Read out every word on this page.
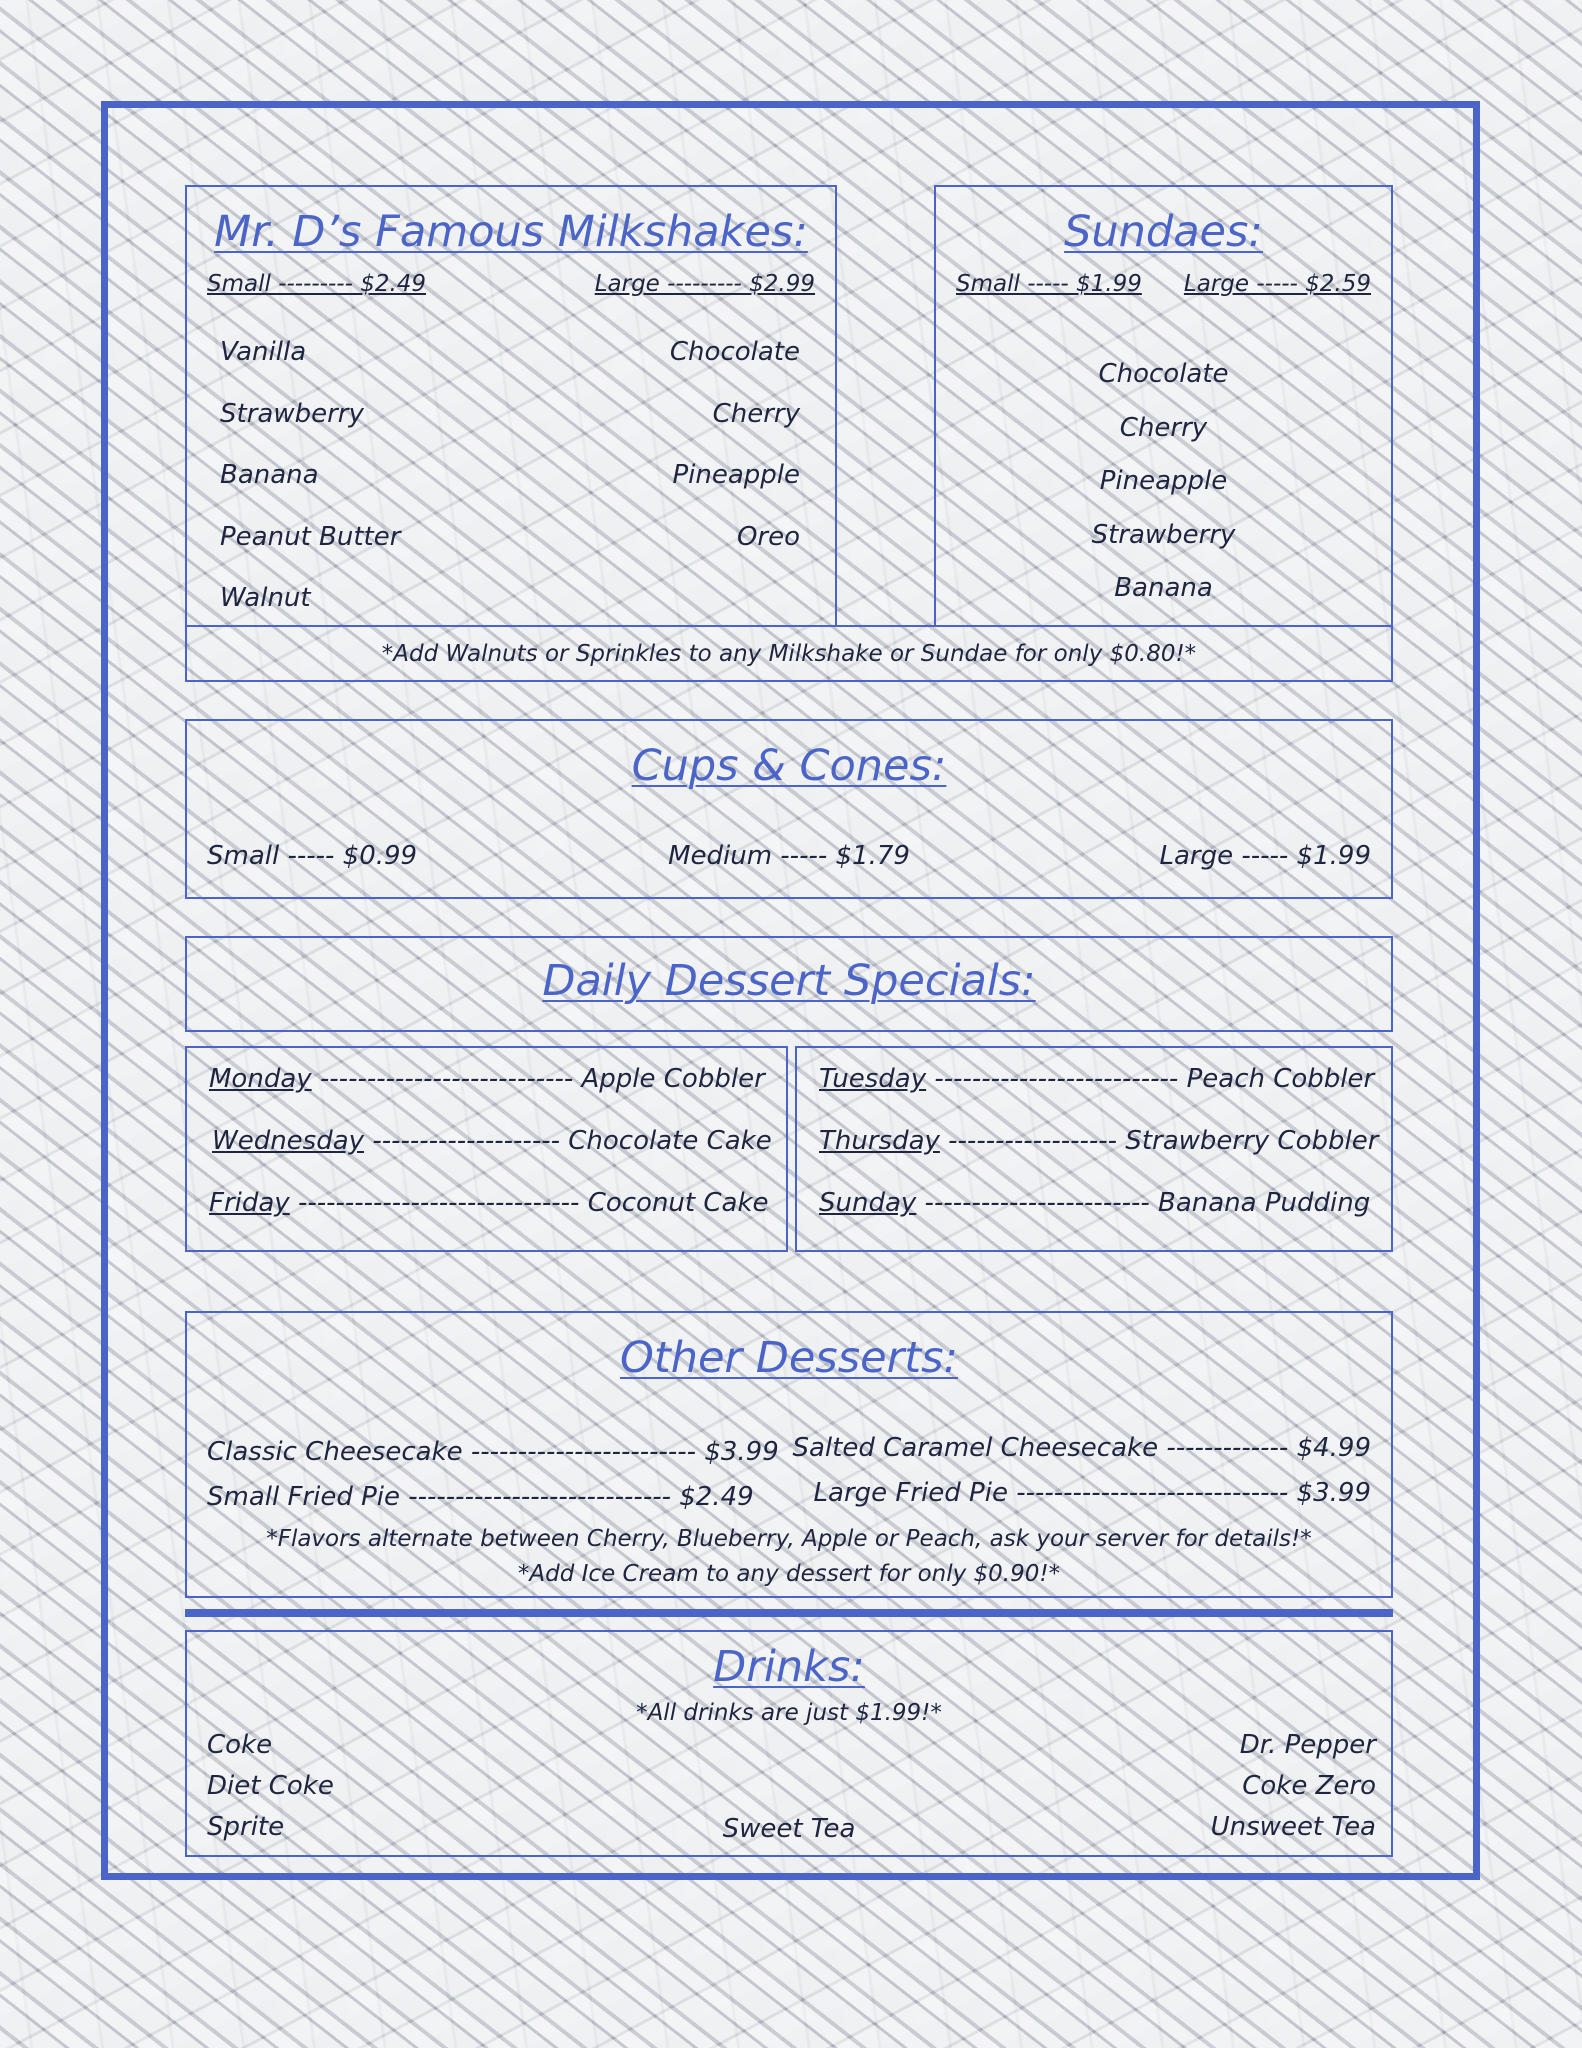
Mr. D’s Famous Milkshakes:
Small --------- $2.49	Large --------- $2.99
Vanilla
Strawberry
Banana
Peanut Butter
Walnut
Chocolate
Cherry
Pineapple
Oreo
Sundaes:
Small ----- $1.99 Large ----- $2.59
Chocolate
Cherry
Pineapple
Strawberry
Banana
*Add Walnuts or Sprinkles to any Milkshake or Sundae for only $0.80!*
Cups & Cones:
Small ----- $0.99	Medium ----- $1.79	Large ----- $1.99
Daily Dessert Specials:
Monday --------------------------- Apple Cobbler
Wednesday -------------------- Chocolate Cake
Friday ------------------------------ Coconut Cake
Tuesday -------------------------- Peach Cobbler
Thursday ------------------ Strawberry Cobbler
Sunday ------------------------ Banana Pudding
Other Desserts:
Classic Cheesecake ------------------------ $3.99
Small Fried Pie ---------------------------- $2.49
Salted Caramel Cheesecake ------------- $4.99
Large Fried Pie ----------------------------- $3.99
*Flavors alternate between Cherry, Blueberry, Apple or Peach, ask your server for details!*
*Add Ice Cream to any dessert for only $0.90!*
Drinks:
*All drinks are just $1.99!*
Coke
Diet Coke
Sprite	Sweet Tea
Dr. Pepper
Coke Zero
Unsweet Tea
